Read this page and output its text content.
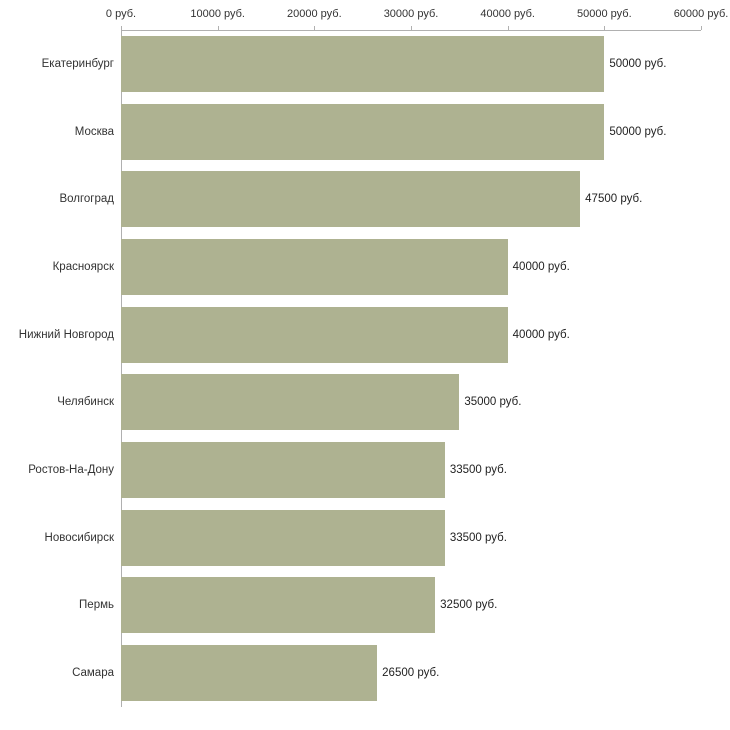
0 руб.	10000 руб.	20000 руб.	30000 руб.	40000 руб.	50000 руб.	60000 руб.
Екатеринбург	50000 руб.
Москва	50000 руб.
Волгоград	47500 руб.
Красноярск	40000 руб.
Нижний Новгород	40000 руб.
Челябинск	35000 руб.
Ростов-На-Дону	33500 руб.
Новосибирск	33500 руб.
Пермь	32500 руб.
Самара	26500 руб.
